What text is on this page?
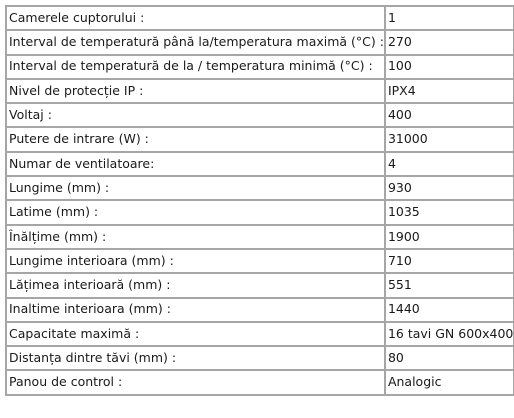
Camerele cuptorului :	1
Interval de temperatură până la/temperatura maximă (°C) :	270
Interval de temperatură de la / temperatura minimă (°C) :	100
Nivel de protecție IP :	IPX4
Voltaj :	400
Putere de intrare (W) :	31000
Numar de ventilatoare:	4
Lungime (mm) :	930
Latime (mm) :	1035
Înălțime (mm) :	1900
Lungime interioara (mm) :	710
Lățimea interioară (mm) :	551
Inaltime interioara (mm) :	1440
Capacitate maximă :	16 tavi GN 600x400
Distanța dintre tăvi (mm) :	80
Panou de control :	Analogic
